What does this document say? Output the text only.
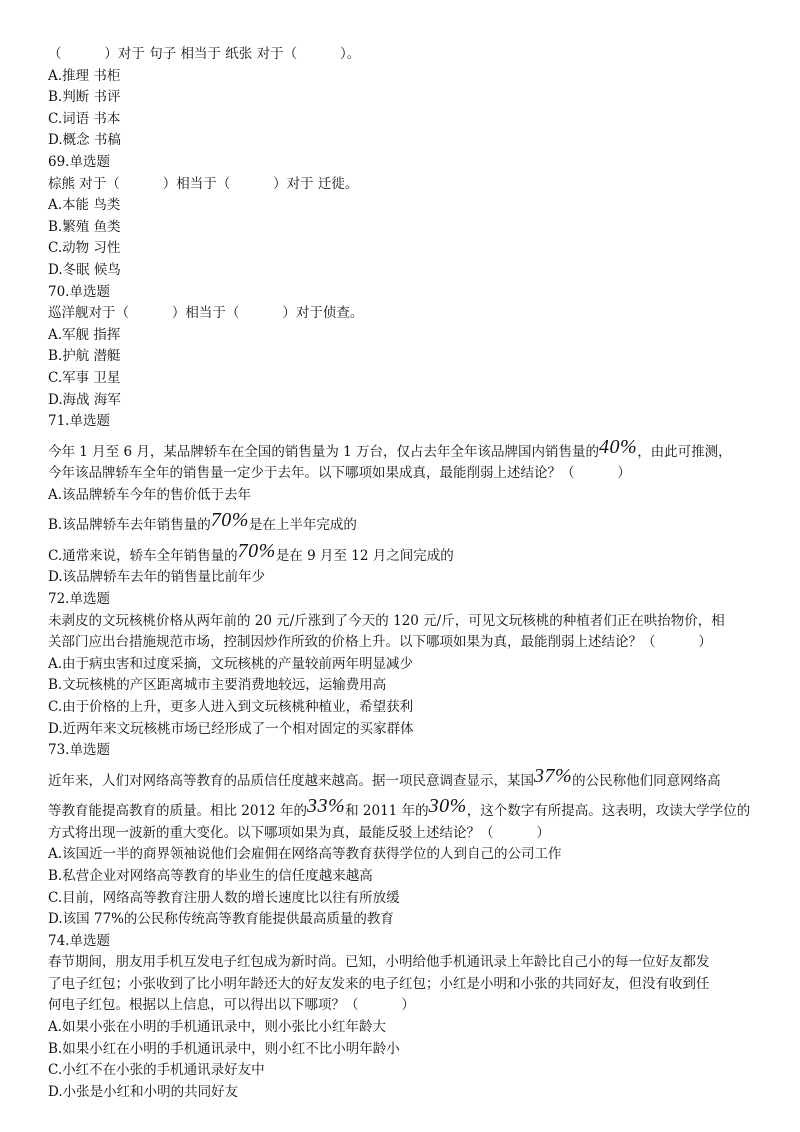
（          ）对于 句子 相当于 纸张 对于（          ）。

A.推理 书柜

B.判断 书评

C.词语 书本

D.概念 书稿

69.单选题

棕熊 对于（          ）相当于（          ）对于 迁徙。

A.本能 鸟类

B.繁殖 鱼类

C.动物 习性

D.冬眠 候鸟

70.单选题

巡洋舰对于（          ）相当于（          ）对于侦查。

A.军舰 指挥

B.护航 潜艇

C.军事 卫星

D.海战 海军

71.单选题

今年 1 月至 6 月，某品牌轿车在全国的销售量为 1 万台，仅占去年全年该品牌国内销售量的40%，由此可推测，

今年该品牌轿车全年的销售量一定少于去年。以下哪项如果成真，最能削弱上述结论？（          ）

A.该品牌轿车今年的售价低于去年

B.该品牌轿车去年销售量的70%是在上半年完成的

C.通常来说，轿车全年销售量的70%是在 9 月至 12 月之间完成的

D.该品牌轿车去年的销售量比前年少

72.单选题

未剥皮的文玩核桃价格从两年前的 20 元/斤涨到了今天的 120 元/斤，可见文玩核桃的种植者们正在哄抬物价，相

关部门应出台措施规范市场，控制因炒作所致的价格上升。以下哪项如果为真，最能削弱上述结论？（          ）

A.由于病虫害和过度采摘，文玩核桃的产量较前两年明显减少

B.文玩核桃的产区距离城市主要消费地较远，运输费用高

C.由于价格的上升，更多人进入到文玩核桃种植业，希望获利

D.近两年来文玩核桃市场已经形成了一个相对固定的买家群体

73.单选题

近年来，人们对网络高等教育的品质信任度越来越高。据一项民意调查显示，某国37%的公民称他们同意网络高

等教育能提高教育的质量。相比 2012 年的33%和 2011 年的30%，这个数字有所提高。这表明，攻读大学学位的

方式将出现一波新的重大变化。以下哪项如果为真，最能反驳上述结论？（          ）

A.该国近一半的商界领袖说他们会雇佣在网络高等教育获得学位的人到自己的公司工作

B.私营企业对网络高等教育的毕业生的信任度越来越高

C.目前，网络高等教育注册人数的增长速度比以往有所放缓

D.该国 77%的公民称传统高等教育能提供最高质量的教育

74.单选题

春节期间，朋友用手机互发电子红包成为新时尚。已知，小明给他手机通讯录上年龄比自己小的每一位好友都发

了电子红包；小张收到了比小明年龄还大的好友发来的电子红包；小红是小明和小张的共同好友，但没有收到任

何电子红包。根据以上信息，可以得出以下哪项？（          ）

A.如果小张在小明的手机通讯录中，则小张比小红年龄大

B.如果小红在小明的手机通讯录中，则小红不比小明年龄小

C.小红不在小张的手机通讯录好友中

D.小张是小红和小明的共同好友
